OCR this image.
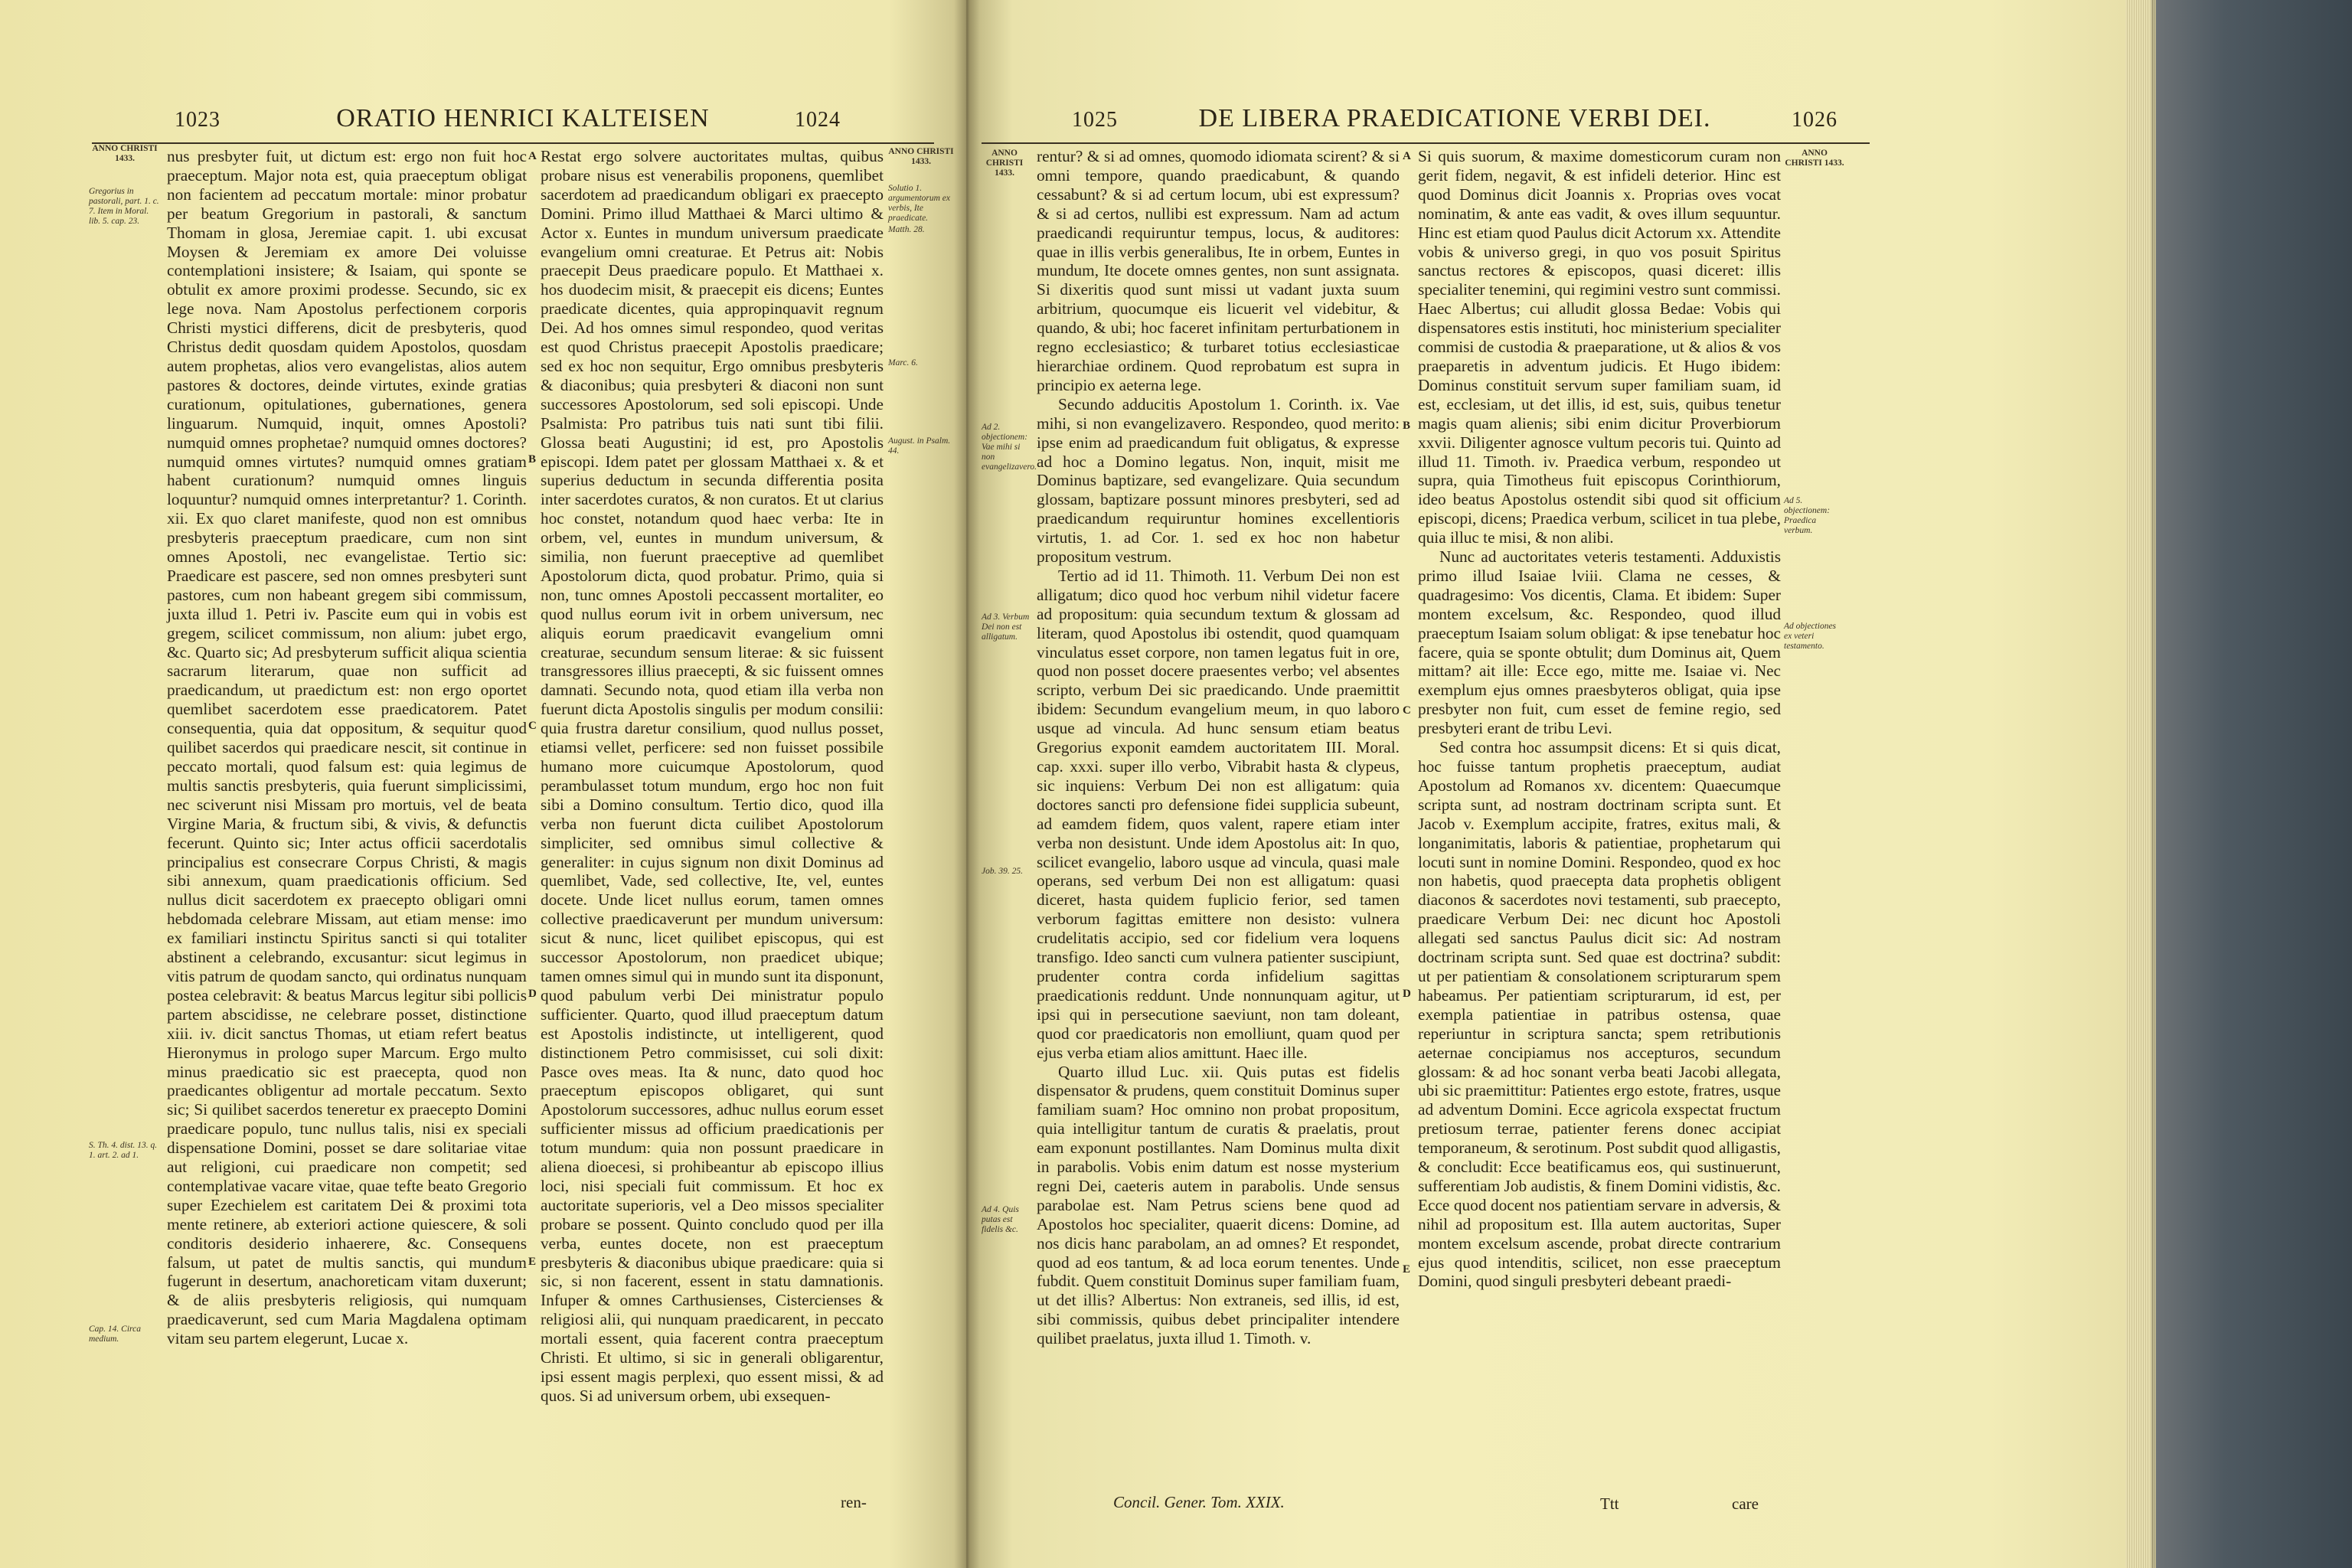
1023	ORATIO HENRICI KALTEISEN	1024
ANNO CHRISTI 1433.
Gregorius in pastorali, part. 1. c. 7. Item in Moral. lib. 5. cap. 23.
S. Th. 4. dist. 13. q. 1. art. 2. ad 1.
Cap. 14. Circa medium.
ANNO CHRISTI 1433.
Solutio 1. argumentorum ex verbis, Ite praedicate.
Matth. 28.
Marc. 6.
August. in Psalm. 44.

nus presbyter fuit, ut dictum est: ergo non fuit hoc praeceptum. Major nota est, quia praeceptum obligat non facientem ad peccatum mortale: minor probatur per beatum Gregorium in pastorali, & sanctum Thomam in glosa, Jeremiae capit. 1. ubi excusat Moysen & Jeremiam ex amore Dei voluisse contemplationi insistere; & Isaiam, qui sponte se obtulit ex amore proximi prodesse. Secundo, sic ex lege nova. Nam Apostolus perfectionem corporis Christi mystici differens, dicit de presbyteris, quod Christus dedit quosdam quidem Apostolos, quosdam autem prophetas, alios vero evangelistas, alios autem pastores & doctores, deinde virtutes, exinde gratias curationum, opitulationes, gubernationes, genera linguarum. Numquid, inquit, omnes Apostoli? numquid omnes prophetae? numquid omnes doctores? numquid omnes virtutes? numquid omnes gratiam habent curationum? numquid omnes linguis loquuntur? numquid omnes interpretantur? 1. Corinth. xii. Ex quo claret manifeste, quod non est omnibus presbyteris praeceptum praedicare, cum non sint omnes Apostoli, nec evangelistae. Tertio sic: Praedicare est pascere, sed non omnes presbyteri sunt pastores, cum non habeant gregem sibi commissum, juxta illud 1. Petri iv. Pascite eum qui in vobis est gregem, scilicet commissum, non alium: jubet ergo, &c. Quarto sic; Ad presbyterum sufficit aliqua scientia sacrarum literarum, quae non sufficit ad praedicandum, ut praedictum est: non ergo oportet quemlibet sacerdotem esse praedicatorem. Patet consequentia, quia dat oppositum, & sequitur quod quilibet sacerdos qui praedicare nescit, sit continue in peccato mortali, quod falsum est: quia legimus de multis sanctis presbyteris, quia fuerunt simplicissimi, nec sciverunt nisi Missam pro mortuis, vel de beata Virgine Maria, & fructum sibi, & vivis, & defunctis fecerunt. Quinto sic; Inter actus officii sacerdotalis principalius est consecrare Corpus Christi, & magis sibi annexum, quam praedicationis officium. Sed nullus dicit sacerdotem ex praecepto obligari omni hebdomada celebrare Missam, aut etiam mense: imo ex familiari instinctu Spiritus sancti si qui totaliter abstinent a celebrando, excusantur: sicut legimus in vitis patrum de quodam sancto, qui ordinatus nunquam postea celebravit: & beatus Marcus legitur sibi pollicis partem abscidisse, ne celebrare posset, distinctione xiii. iv. dicit sanctus Thomas, ut etiam refert beatus Hieronymus in prologo super Marcum. Ergo multo minus praedicatio sic est praecepta, quod non praedicantes obligentur ad mortale peccatum. Sexto sic; Si quilibet sacerdos teneretur ex praecepto Domini praedicare populo, tunc nullus talis, nisi ex speciali dispensatione Domini, posset se dare solitariae vitae aut religioni, cui praedicare non competit; sed contemplativae vacare vitae, quae tefte beato Gregorio super Ezechielem est caritatem Dei & proximi tota mente retinere, ab exteriori actione quiescere, & soli conditoris desiderio inhaerere, &c. Consequens falsum, ut patet de multis sanctis, qui mundum fugerunt in desertum, anachoreticam vitam duxerunt; & de aliis presbyteris religiosis, qui numquam praedicaverunt, sed cum Maria Magdalena optimam vitam seu partem elegerunt, Lucae x.

A
B
C
D
E

Restat ergo solvere auctoritates multas, quibus probare nisus est venerabilis proponens, quemlibet sacerdotem ad praedicandum obligari ex praecepto Domini. Primo illud Matthaei & Marci ultimo & Actor x. Euntes in mundum universum praedicate evangelium omni creaturae. Et Petrus ait: Nobis praecepit Deus praedicare populo. Et Matthaei x. hos duodecim misit, & praecepit eis dicens; Euntes praedicate dicentes, quia appropinquavit regnum Dei. Ad hos omnes simul respondeo, quod veritas est quod Christus praecepit Apostolis praedicare; sed ex hoc non sequitur, Ergo omnibus presbyteris & diaconibus; quia presbyteri & diaconi non sunt successores Apostolorum, sed soli episcopi. Unde Psalmista: Pro patribus tuis nati sunt tibi filii. Glossa beati Augustini; id est, pro Apostolis episcopi. Idem patet per glossam Matthaei x. & et superius deductum in secunda differentia posita inter sacerdotes curatos, & non curatos. Et ut clarius hoc constet, notandum quod haec verba: Ite in orbem, vel, euntes in mundum universum, & similia, non fuerunt praeceptive ad quemlibet Apostolorum dicta, quod probatur. Primo, quia si non, tunc omnes Apostoli peccassent mortaliter, eo quod nullus eorum ivit in orbem universum, nec aliquis eorum praedicavit evangelium omni creaturae, secundum sensum literae: & sic fuissent transgressores illius praecepti, & sic fuissent omnes damnati. Secundo nota, quod etiam illa verba non fuerunt dicta Apostolis singulis per modum consilii: quia frustra daretur consilium, quod nullus posset, etiamsi vellet, perficere: sed non fuisset possibile humano more cuicumque Apostolorum, quod perambulasset totum mundum, ergo hoc non fuit sibi a Domino consultum. Tertio dico, quod illa verba non fuerunt dicta cuilibet Apostolorum simpliciter, sed omnibus simul collective & generaliter: in cujus signum non dixit Dominus ad quemlibet, Vade, sed collective, Ite, vel, euntes docete. Unde licet nullus eorum, tamen omnes collective praedicaverunt per mundum universum: sicut & nunc, licet quilibet episcopus, qui est successor Apostolorum, non praedicet ubique; tamen omnes simul qui in mundo sunt ita disponunt, quod pabulum verbi Dei ministratur populo sufficienter. Quarto, quod illud praeceptum datum est Apostolis indistincte, ut intelligerent, quod distinctionem Petro commisisset, cui soli dixit: Pasce oves meas. Ita & nunc, dato quod hoc praeceptum episcopos obligaret, qui sunt Apostolorum successores, adhuc nullus eorum esset sufficienter missus ad officium praedicationis per totum mundum: quia non possunt praedicare in aliena dioecesi, si prohibeantur ab episcopo illius loci, nisi speciali fuit commissum. Et hoc ex auctoritate superioris, vel a Deo missos specialiter probare se possent. Quinto concludo quod per illa verba, euntes docete, non est praeceptum presbyteris & diaconibus ubique praedicare: quia si sic, si non facerent, essent in statu damnationis. Infuper & omnes Carthusienses, Cistercienses & religiosi alii, qui nunquam praedicarent, in peccato mortali essent, quia facerent contra praeceptum Christi. Et ultimo, si sic in generali obligarentur, ipsi essent magis perplexi, quo essent missi, & ad quos. Si ad universum orbem, ubi exsequen-

ren-
1025	DE LIBERA PRAEDICATIONE VERBI DEI.	1026
ANNO CHRISTI 1433.
Ad 2. objectionem: Vae mihi si non evangelizavero.
Ad 3. Verbum Dei non est alligatum.
Job. 39. 25.
Ad 4. Quis putas est fidelis &c.
ANNO CHRISTI 1433.
Ad 5. objectionem: Praedica verbum.
Ad objectiones ex veteri testamento.

rentur? & si ad omnes, quomodo idiomata scirent? & si omni tempore, quando praedicabunt, & quando cessabunt? & si ad certum locum, ubi est expressum? & si ad certos, nullibi est expressum. Nam ad actum praedicandi requiruntur tempus, locus, & auditores: quae in illis verbis generalibus, Ite in orbem, Euntes in mundum, Ite docete omnes gentes, non sunt assignata. Si dixeritis quod sunt missi ut vadant juxta suum arbitrium, quocumque eis licuerit vel videbitur, & quando, & ubi; hoc faceret infinitam perturbationem in regno ecclesiastico; & turbaret totius ecclesiasticae hierarchiae ordinem. Quod reprobatum est supra in principio ex aeterna lege.

Secundo adducitis Apostolum 1. Corinth. ix. Vae mihi, si non evangelizavero. Respondeo, quod merito: ipse enim ad praedicandum fuit obligatus, & expresse ad hoc a Domino legatus. Non, inquit, misit me Dominus baptizare, sed evangelizare. Quia secundum glossam, baptizare possunt minores presbyteri, sed ad praedicandum requiruntur homines excellentioris virtutis, 1. ad Cor. 1. sed ex hoc non habetur propositum vestrum.

Tertio ad id 11. Thimoth. 11. Verbum Dei non est alligatum; dico quod hoc verbum nihil videtur facere ad propositum: quia secundum textum & glossam ad literam, quod Apostolus ibi ostendit, quod quamquam vinculatus esset corpore, non tamen legatus fuit in ore, quod non posset docere praesentes verbo; vel absentes scripto, verbum Dei sic praedicando. Unde praemittit ibidem: Secundum evangelium meum, in quo laboro usque ad vincula. Ad hunc sensum etiam beatus Gregorius exponit eamdem auctoritatem III. Moral. cap. xxxi. super illo verbo, Vibrabit hasta & clypeus, sic inquiens: Verbum Dei non est alligatum: quia doctores sancti pro defensione fidei supplicia subeunt, ad eamdem fidem, quos valent, rapere etiam inter verba non desistunt. Unde idem Apostolus ait: In quo, scilicet evangelio, laboro usque ad vincula, quasi male operans, sed verbum Dei non est alligatum: quasi diceret, hasta quidem fuplicio ferior, sed tamen verborum fagittas emittere non desisto: vulnera crudelitatis accipio, sed cor fidelium vera loquens transfigo. Ideo sancti cum vulnera patienter suscipiunt, prudenter contra corda infidelium sagittas praedicationis reddunt. Unde nonnunquam agitur, ut ipsi qui in persecutione saeviunt, non tam doleant, quod cor praedicatoris non emolliunt, quam quod per ejus verba etiam alios amittunt. Haec ille.

Quarto illud Luc. xii. Quis putas est fidelis dispensator & prudens, quem constituit Dominus super familiam suam? Hoc omnino non probat propositum, quia intelligitur tantum de curatis & praelatis, prout eam exponunt postillantes. Nam Dominus multa dixit in parabolis. Vobis enim datum est nosse mysterium regni Dei, caeteris autem in parabolis. Unde sensus parabolae est. Nam Petrus sciens bene quod ad Apostolos hoc specialiter, quaerit dicens: Domine, ad nos dicis hanc parabolam, an ad omnes? Et respondet, quod ad eos tantum, & ad loca eorum tenentes. Unde fubdit. Quem constituit Dominus super familiam fuam, ut det illis? Albertus: Non extraneis, sed illis, id est, sibi commissis, quibus debet principaliter intendere quilibet praelatus, juxta illud 1. Timoth. v.

A
B
C
D
E

Si quis suorum, & maxime domesticorum curam non gerit fidem, negavit, & est infideli deterior. Hinc est quod Dominus dicit Joannis x. Proprias oves vocat nominatim, & ante eas vadit, & oves illum sequuntur. Hinc est etiam quod Paulus dicit Actorum xx. Attendite vobis & universo gregi, in quo vos posuit Spiritus sanctus rectores & episcopos, quasi diceret: illis specialiter tenemini, qui regimini vestro sunt commissi. Haec Albertus; cui alludit glossa Bedae: Vobis qui dispensatores estis instituti, hoc ministerium specialiter commisi de custodia & praeparatione, ut & alios & vos praeparetis in adventum judicis. Et Hugo ibidem: Dominus constituit servum super familiam suam, id est, ecclesiam, ut det illis, id est, suis, quibus tenetur magis quam alienis; sibi enim dicitur Proverbiorum xxvii. Diligenter agnosce vultum pecoris tui. Quinto ad illud 11. Timoth. iv. Praedica verbum, respondeo ut supra, quia Timotheus fuit episcopus Corinthiorum, ideo beatus Apostolus ostendit sibi quod sit officium episcopi, dicens; Praedica verbum, scilicet in tua plebe, quia illuc te misi, & non alibi.

Nunc ad auctoritates veteris testamenti. Adduxistis primo illud Isaiae lviii. Clama ne cesses, & quadragesimo: Vos dicentis, Clama. Et ibidem: Super montem excelsum, &c. Respondeo, quod illud praeceptum Isaiam solum obligat: & ipse tenebatur hoc facere, quia se sponte obtulit; dum Dominus ait, Quem mittam? ait ille: Ecce ego, mitte me. Isaiae vi. Nec exemplum ejus omnes praesbyteros obligat, quia ipse presbyter non fuit, cum esset de femine regio, sed presbyteri erant de tribu Levi.

Sed contra hoc assumpsit dicens: Et si quis dicat, hoc fuisse tantum prophetis praeceptum, audiat Apostolum ad Romanos xv. dicentem: Quaecumque scripta sunt, ad nostram doctrinam scripta sunt. Et Jacob v. Exemplum accipite, fratres, exitus mali, & longanimitatis, laboris & patientiae, prophetarum qui locuti sunt in nomine Domini. Respondeo, quod ex hoc non habetis, quod praecepta data prophetis obligent diaconos & sacerdotes novi testamenti, sub praecepto, praedicare Verbum Dei: nec dicunt hoc Apostoli allegati sed sanctus Paulus dicit sic: Ad nostram doctrinam scripta sunt. Sed quae est doctrina? subdit: ut per patientiam & consolationem scripturarum spem habeamus. Per patientiam scripturarum, id est, per exempla patientiae in patribus ostensa, quae reperiuntur in scriptura sancta; spem retributionis aeternae concipiamus nos accepturos, secundum glossam: & ad hoc sonant verba beati Jacobi allegata, ubi sic praemittitur: Patientes ergo estote, fratres, usque ad adventum Domini. Ecce agricola exspectat fructum pretiosum terrae, patienter ferens donec accipiat temporaneum, & serotinum. Post subdit quod alligastis, & concludit: Ecce beatificamus eos, qui sustinuerunt, sufferentiam Job audistis, & finem Domini vidistis, &c. Ecce quod docent nos patientiam servare in adversis, & nihil ad propositum est. Illa autem auctoritas, Super montem excelsum ascende, probat directe contrarium ejus quod intenditis, scilicet, non esse praeceptum Domini, quod singuli presbyteri debeant praedi-

Concil. Gener. Tom. XXIX.	Ttt	care
